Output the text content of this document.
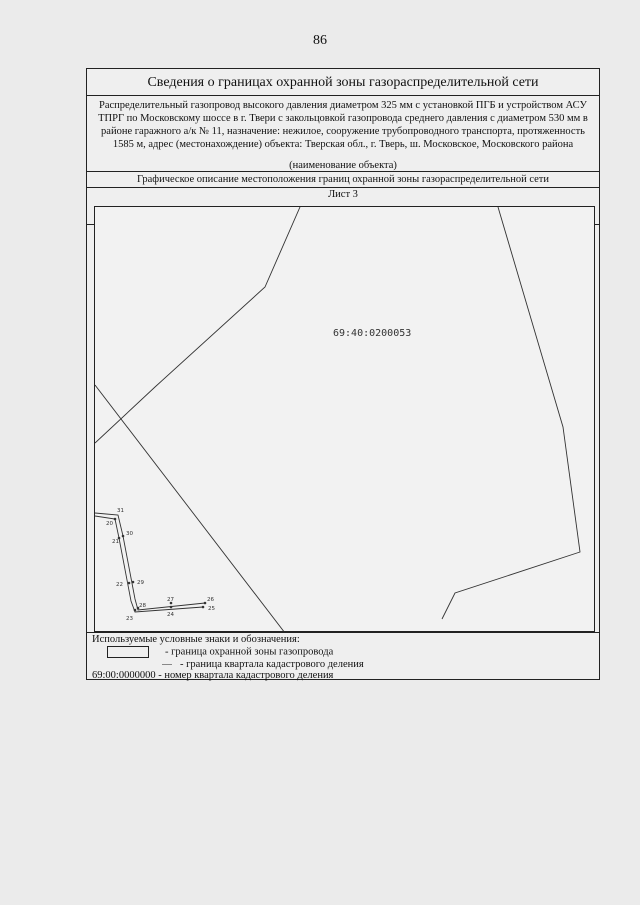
86
Сведения о границах охранной зоны газораспределительной сети
Распределительный газопровод высокого давления диаметром 325 мм с установкой ПГБ и устройством АСУ ТПРГ по Московскому шоссе в г. Твери с закольцовкой газопровода среднего давления с диаметром 530 мм в районе гаражного а/к № 11, назначение: нежилое, сооружение трубопроводного транспорта, протяженность 1585 м, адрес (местонахождение) объекта: Тверская обл., г. Тверь, ш. Московское, Московского района
(наименование объекта)
Графическое описание местоположения границ охранной зоны газораспределительной сети
Лист 3
69:40:0200053
31
20
21
30
22	29
28
23
27
24
26
25
Используемые условные знаки и обозначения:
- граница охранной зоны газопровода
- граница квартала кадастрового деления
69:00:0000000 - номер квартала кадастрового деления
